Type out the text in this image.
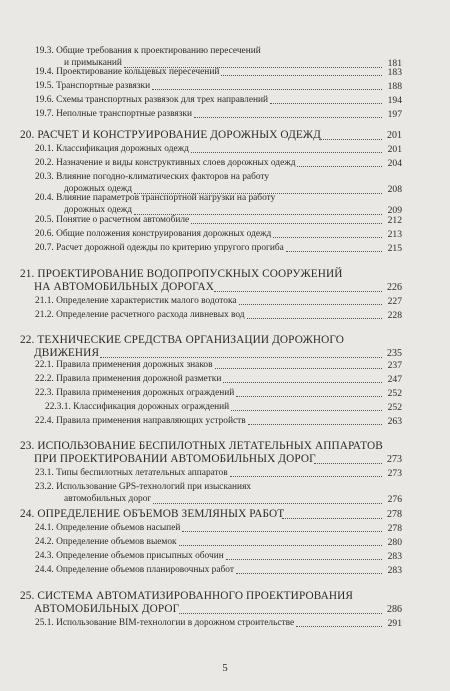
19.3. Общие требования к проектированию пересечений
и примыканий	181
19.4. Проектирование кольцевых пересечений	183
19.5. Транспортные развязки	188
19.6. Схемы транспортных развязок для трех направлений	194
19.7. Неполные транспортные развязки	197
20. РАСЧЕТ И КОНСТРУИРОВАНИЕ ДОРОЖНЫХ ОДЕЖД	201
20.1. Классификация дорожных одежд	201
20.2. Назначение и виды конструктивных слоев дорожных одежд	204
20.3. Влияние погодно-климатических факторов на работу
дорожных одежд	208
20.4. Влияние параметров транспортной нагрузки на работу
дорожных одежд	209
20.5. Понятие о расчетном автомобиле	212
20.6. Общие положения конструирования дорожных одежд	213
20.7. Расчет дорожной одежды по критерию упругого прогиба	215
21. ПРОЕКТИРОВАНИЕ ВОДОПРОПУСКНЫХ СООРУЖЕНИЙ
НА АВТОМОБИЛЬНЫХ ДОРОГАХ	226
21.1. Определение характеристик малого водотока	227
21.2. Определение расчетного расхода ливневых вод	228
22. ТЕХНИЧЕСКИЕ СРЕДСТВА ОРГАНИЗАЦИИ ДОРОЖНОГО
ДВИЖЕНИЯ	235
22.1. Правила применения дорожных знаков	237
22.2. Правила применения дорожной разметки	247
22.3. Правила применения дорожных ограждений	252
22.3.1. Классификация дорожных ограждений	252
22.4. Правила применения направляющих устройств	263
23. ИСПОЛЬЗОВАНИЕ БЕСПИЛОТНЫХ ЛЕТАТЕЛЬНЫХ АППАРАТОВ
ПРИ ПРОЕКТИРОВАНИИ АВТОМОБИЛЬНЫХ ДОРОГ	273
23.1. Типы беспилотных летательных аппаратов	273
23.2. Использование GPS-технологий при изысканиях
автомобильных дорог	276
24. ОПРЕДЕЛЕНИЕ ОБЪЕМОВ ЗЕМЛЯНЫХ РАБОТ	278
24.1. Определение объемов насыпей	278
24.2. Определение объемов выемок	280
24.3. Определение объемов присыпных обочин	283
24.4. Определение объемов планировочных работ	283
25. СИСТЕМА АВТОМАТИЗИРОВАННОГО ПРОЕКТИРОВАНИЯ
АВТОМОБИЛЬНЫХ ДОРОГ	286
25.1. Использование BIM-технологии в дорожном строительстве	291
5
